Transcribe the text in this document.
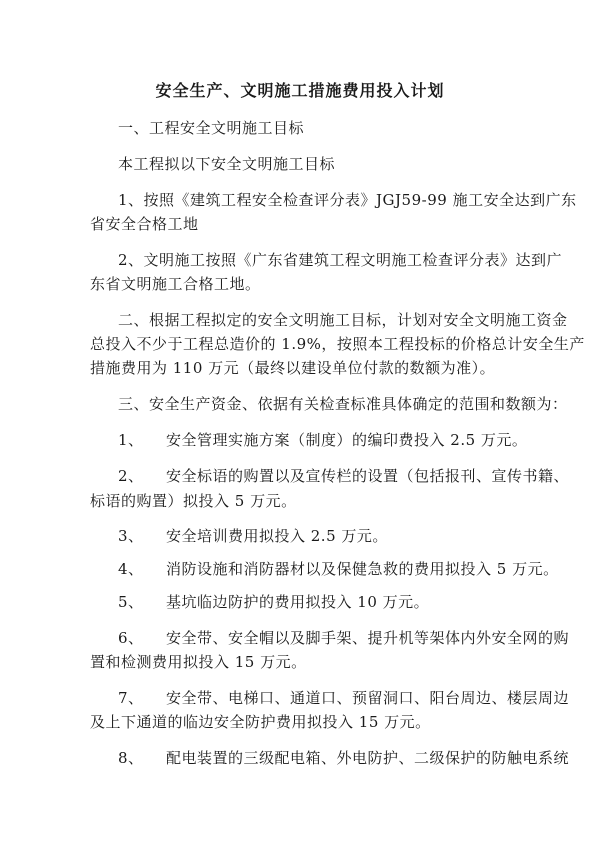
安全生产、文明施工措施费用投入计划
一、工程安全文明施工目标
本工程拟以下安全文明施工目标
1、按照《建筑工程安全检查评分表》JGJ59-99 施工安全达到广东
省安全合格工地
2、文明施工按照《广东省建筑工程文明施工检查评分表》达到广
东省文明施工合格工地。
二、根据工程拟定的安全文明施工目标，计划对安全文明施工资金
总投入不少于工程总造价的 1.9%，按照本工程投标的价格总计安全生产
措施费用为 110 万元（最终以建设单位付款的数额为准）。
三、安全生产资金、依据有关检查标准具体确定的范围和数额为：
1、 安全管理实施方案（制度）的编印费投入 2.5 万元。
2、 安全标语的购置以及宣传栏的设置（包括报刊、宣传书籍、
标语的购置）拟投入 5 万元。
3、 安全培训费用拟投入 2.5 万元。
4、 消防设施和消防器材以及保健急救的费用拟投入 5 万元。
5、 基坑临边防护的费用拟投入 10 万元。
6、 安全带、安全帽以及脚手架、提升机等架体内外安全网的购
置和检测费用拟投入 15 万元。
7、 安全带、电梯口、通道口、预留洞口、阳台周边、楼层周边
及上下通道的临边安全防护费用拟投入 15 万元。
8、 配电装置的三级配电箱、外电防护、二级保护的防触电系统
